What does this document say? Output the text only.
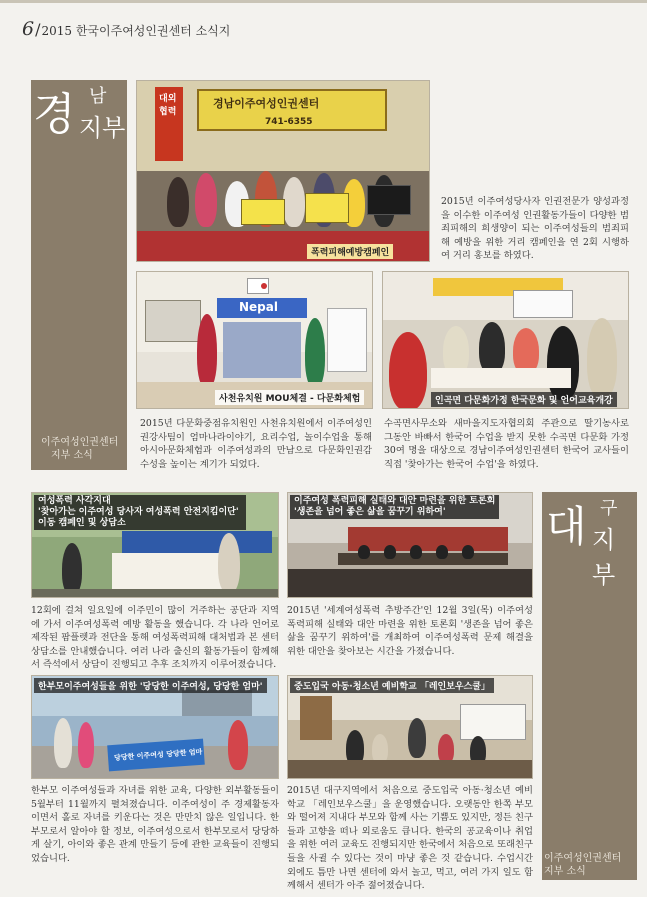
6/2015 한국이주여성인권센터 소식지
경 남
지부
이주여성인권센터
지부 소식
경남이주여성인권센터
741-6355
대외협력
폭력피해예방캠페인
2015년 이주여성당사자 인권전문가 양성과정을 이수한 이주여성 인권활동가들이 다양한 범죄피해의 희생양이 되는 이주여성들의 범죄피해 예방을 위한 거리 캠페인을 연 2회 시행하여 거리 홍보를 하였다.
Nepal
사천유치원 MOU체결 - 다문화체험	인곡면 다문화가정 한국문화 및 언어교육개강
2015년 다문화중점유치원인 사천유치원에서 이주여성인권강사팀이 엄마나라이야기, 요리수업, 놀이수업을 통해 아시아문화체험과 이주여성과의 만남으로 다문화인권감수성을 높이는 계기가 되었다.
수곡면사무소와 새마을지도자협의회 주관으로 딸기농사로 그동안 바빠서 한국어 수업을 받지 못한 수곡면 다문화 가정 30여 명을 대상으로 경남이주여성인권센터 한국어 교사들이 직접 '찾아가는 한국어 수업'을 하였다.
대 구
지부
이주여성인권센터
지부 소식
여성폭력 사각지대
'찾아가는 이주여성 당사자 여성폭력 안전지킴이단'
이동 캠페인 및 상담소
이주여성 폭력피해 실태와 대안 마련을 위한 토론회
'생존을 넘어 좋은 삶을 꿈꾸기 위하여'
12회에 걸쳐 일요일에 이주민이 많이 거주하는 공단과 지역에 가서 이주여성폭력 예방 활동을 했습니다. 각 나라 언어로 제작된 팜플렛과 전단을 통해 여성폭력피해 대처법과 본 센터 상담소를 안내했습니다. 여러 나라 출신의 활동가들이 함께해서 즉석에서 상담이 진행되고 추후 조치까지 이루어졌습니다.
2015년 '세계여성폭력 추방주간'인 12월 3일(목) 이주여성 폭력피해 실태와 대안 마련을 위한 토론회 '생존을 넘어 좋은 삶을 꿈꾸기 위하여'를 개최하여 이주여성폭력 문제 해결을 위한 대안을 찾아보는 시간을 가졌습니다.
당당한 이주여성 당당한 엄마
한부모이주여성들을 위한 '당당한 이주여성, 당당한 엄마'	중도입국 아동·청소년 예비학교 「레인보우스쿨」
한부모 이주여성들과 자녀를 위한 교육, 다양한 외부활동들이 5월부터 11월까지 펼쳐졌습니다. 이주여성이 주 경제활동자이면서 홀로 자녀를 키운다는 것은 만만치 않은 일입니다. 한부모로서 알아야 할 정보, 이주여성으로서 한부모로서 당당하게 살기, 아이와 좋은 관계 만들기 등에 관한 교육들이 진행되었습니다.
2015년 대구지역에서 처음으로 중도입국 아동·청소년 예비학교 「레인보우스쿨」을 운영했습니다. 오랫동안 한쪽 부모와 떨어져 지내다 부모와 함께 사는 기쁨도 있지만, 정든 친구들과 고향을 떠나 외로움도 큽니다. 한국의 공교육이나 취업을 위한 여러 교육도 진행되지만 한국에서 처음으로 또래친구들을 사귈 수 있다는 것이 마냥 좋은 것 같습니다. 수업시간 외에도 틈만 나면 센터에 와서 놀고, 먹고, 여러 가지 일도 함께해서 센터가 아주 젊어졌습니다.
